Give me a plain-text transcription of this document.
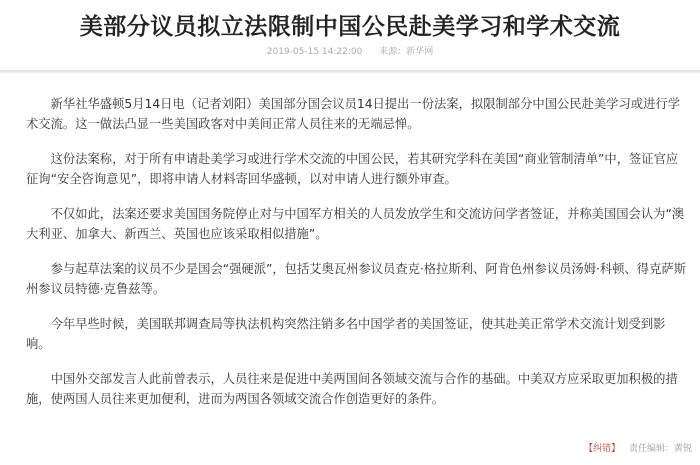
美部分议员拟立法限制中国公民赴美学习和学术交流
2019-05-15 14:22:00 来源：新华网

新华社华盛顿5月14日电（记者刘阳）美国部分国会议员14日提出一份法案，拟限制部分中国公民赴美学习或进行学术交流。这一做法凸显一些美国政客对中美间正常人员往来的无端忌惮。

这份法案称，对于所有申请赴美学习或进行学术交流的中国公民，若其研究学科在美国“商业管制清单”中，签证官应征询“安全咨询意见”，即将申请人材料寄回华盛顿，以对申请人进行额外审查。

不仅如此，法案还要求美国国务院停止对与中国军方相关的人员发放学生和交流访问学者签证，并称美国国会认为“澳大利亚、加拿大、新西兰、英国也应该采取相似措施”。

参与起草法案的议员不少是国会“强硬派”，包括艾奥瓦州参议员查克·格拉斯利、阿肯色州参议员汤姆·科顿、得克萨斯州参议员特德·克鲁兹等。

今年早些时候，美国联邦调查局等执法机构突然注销多名中国学者的美国签证，使其赴美正常学术交流计划受到影响。

中国外交部发言人此前曾表示，人员往来是促进中美两国间各领域交流与合作的基础。中美双方应采取更加积极的措施，使两国人员往来更加便利，进而为两国各领域交流合作创造更好的条件。

【纠错】 责任编辑：黄锐
